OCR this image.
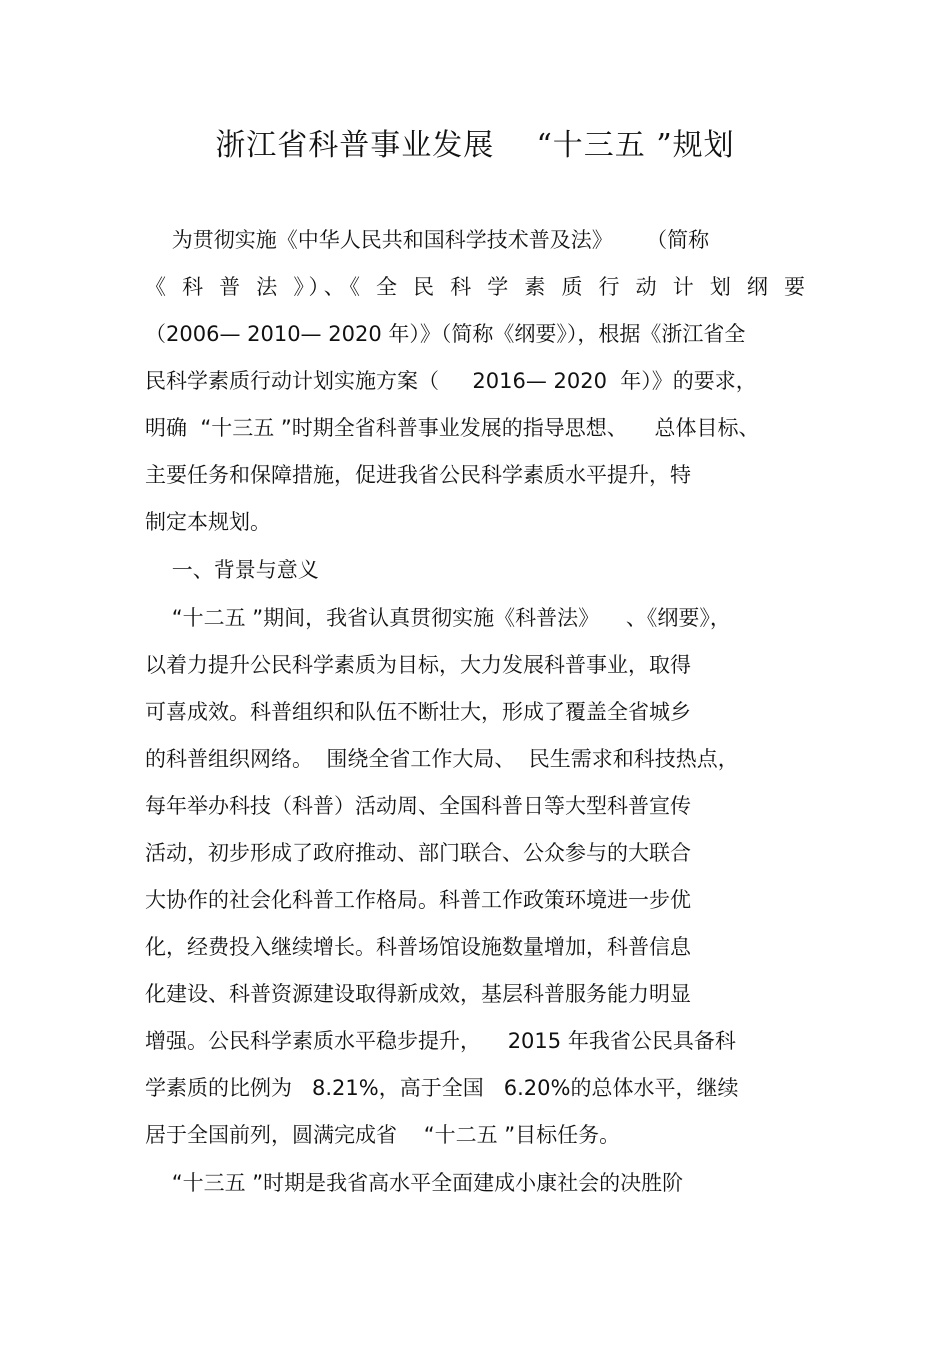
浙江省科普事业发展    “十三五 ”规划

为贯彻实施《中华人民共和国科学技术普及法》     （简称

《 科 普 法 》）、《 全 民 科 学 素 质 行 动 计 划 纲 要

（2006— 2010— 2020 年）》（简称《纲要》），根据《浙江省全

民科学素质行动计划实施方案（     2016— 2020  年）》的要求，

明确  “十三五 ”时期全省科普事业发展的指导思想、    总体目标、

主要任务和保障措施，促进我省公民科学素质水平提升，特

制定本规划。

一、背景与意义

“十二五 ”期间，我省认真贯彻实施《科普法》    、《纲要》，

以着力提升公民科学素质为目标，大力发展科普事业，取得

可喜成效。科普组织和队伍不断壮大，形成了覆盖全省城乡

的科普组织网络。  围绕全省工作大局、  民生需求和科技热点，

每年举办科技（科普）活动周、全国科普日等大型科普宣传

活动，初步形成了政府推动、部门联合、公众参与的大联合

大协作的社会化科普工作格局。科普工作政策环境进一步优

化，经费投入继续增长。科普场馆设施数量增加，科普信息

化建设、科普资源建设取得新成效，基层科普服务能力明显

增强。公民科学素质水平稳步提升，    2015 年我省公民具备科

学素质的比例为   8.21%，高于全国   6.20%的总体水平，继续

居于全国前列，圆满完成省    “十二五 ”目标任务。

“十三五 ”时期是我省高水平全面建成小康社会的决胜阶
